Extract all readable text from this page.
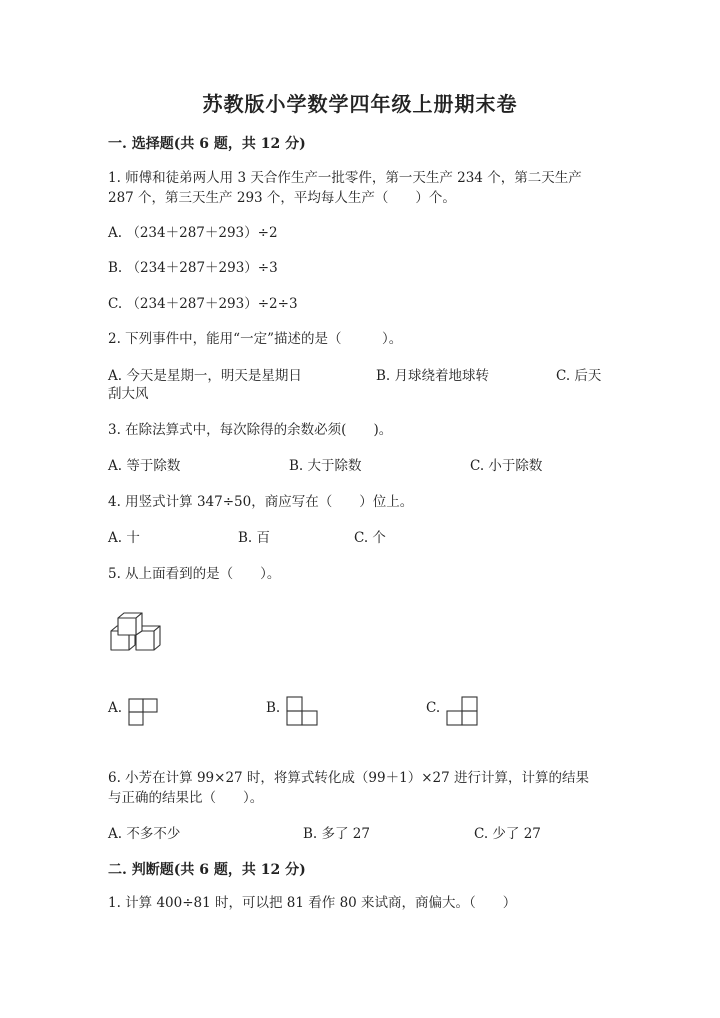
苏教版小学数学四年级上册期末卷
一. 选择题(共 6 题，共 12 分)
1. 师傅和徒弟两人用 3 天合作生产一批零件，第一天生产 234 个，第二天生产
287 个，第三天生产 293 个，平均每人生产（　　）个。
A. （234＋287＋293）÷2
B. （234＋287＋293）÷3
C. （234＋287＋293）÷2÷3
2. 下列事件中，能用“一定”描述的是（　　　）。
A. 今天是星期一，明天是星期日	B. 月球绕着地球转	C. 后天
刮大风
3. 在除法算式中，每次除得的余数必须(　　)。
A. 等于除数	B. 大于除数	C. 小于除数
4. 用竖式计算 347÷50，商应写在（　　）位上。
A. 十	B. 百	C. 个
5. 从上面看到的是（　　）。
A.	B.	C.
6. 小芳在计算 99×27 时，将算式转化成（99＋1）×27 进行计算，计算的结果
与正确的结果比（　　）。
A. 不多不少	B. 多了 27	C. 少了 27
二. 判断题(共 6 题，共 12 分)
1. 计算 400÷81 时，可以把 81 看作 80 来试商，商偏大。（　　）
